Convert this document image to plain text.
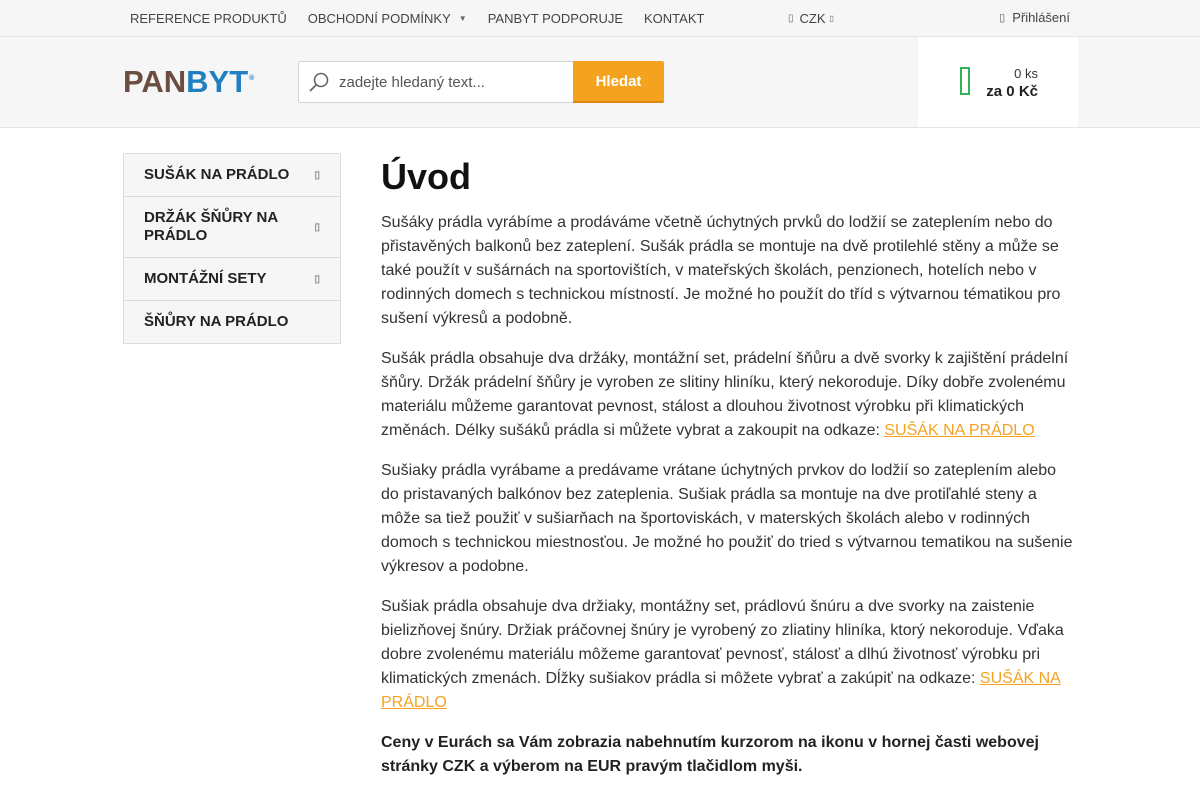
REFERENCE PRODUKTŮ OBCHODNÍ PODMÍNKY ▼ PANBYT PODPORUJE KONTAKT	▯ CZK ▯	▯ Přihlášení
PAN BYT ®
zadejte hledaný text...	Hledat	0 ks
za 0 Kč
SUŠÁK NA PRÁDLO	▯
DRŽÁK ŠŇŮRY NA PRÁDLO	▯
MONTÁŽNÍ SETY	▯
ŠŇŮRY NA PRÁDLO
Úvod

Sušáky prádla vyrábíme a prodáváme včetně úchytných prvků do lodžií se zateplením nebo do přistavěných balkonů bez zateplení. Sušák prádla se montuje na dvě protilehlé stěny a může se také použít v sušárnách na sportovištích, v mateřských školách, penzionech, hotelích nebo v rodinných domech s technickou místností. Je možné ho použít do tříd s výtvarnou tématikou pro sušení výkresů a podobně.

Sušák prádla obsahuje dva držáky, montážní set, prádelní šňůru a dvě svorky k zajištění prádelní šňůry. Držák prádelní šňůry je vyroben ze slitiny hliníku, který nekoroduje. Díky dobře zvolenému materiálu můžeme garantovat pevnost, stálost a dlouhou životnost výrobku při klimatických změnách. Délky sušáků prádla si můžete vybrat a zakoupit na odkaze: SUŠÁK NA PRÁDLO

Sušiaky prádla vyrábame a predávame vrátane úchytných prvkov do lodžií so zateplením alebo do pristavaných balkónov bez zateplenia. Sušiak prádla sa montuje na dve protiľahlé steny a môže sa tiež použiť v sušiarňach na športoviskách, v materských školách alebo v rodinných domoch s technickou miestnosťou. Je možné ho použiť do tried s výtvarnou tematikou na sušenie výkresov a podobne.

Sušiak prádla obsahuje dva držiaky, montážny set, prádlovú šnúru a dve svorky na zaistenie bielizňovej šnúry. Držiak práčovnej šnúry je vyrobený zo zliatiny hliníka, ktorý nekoroduje. Vďaka dobre zvolenému materiálu môžeme garantovať pevnosť, stálosť a dlhú životnosť výrobku pri klimatických zmenách. Dĺžky sušiakov prádla si môžete vybrať a zakúpiť na odkaze: SUŠÁK NA PRÁDLO

Ceny v Eurách sa Vám zobrazia nabehnutím kurzorom na ikonu v hornej časti webovej stránky CZK a výberom na EUR pravým tlačidlom myši.
